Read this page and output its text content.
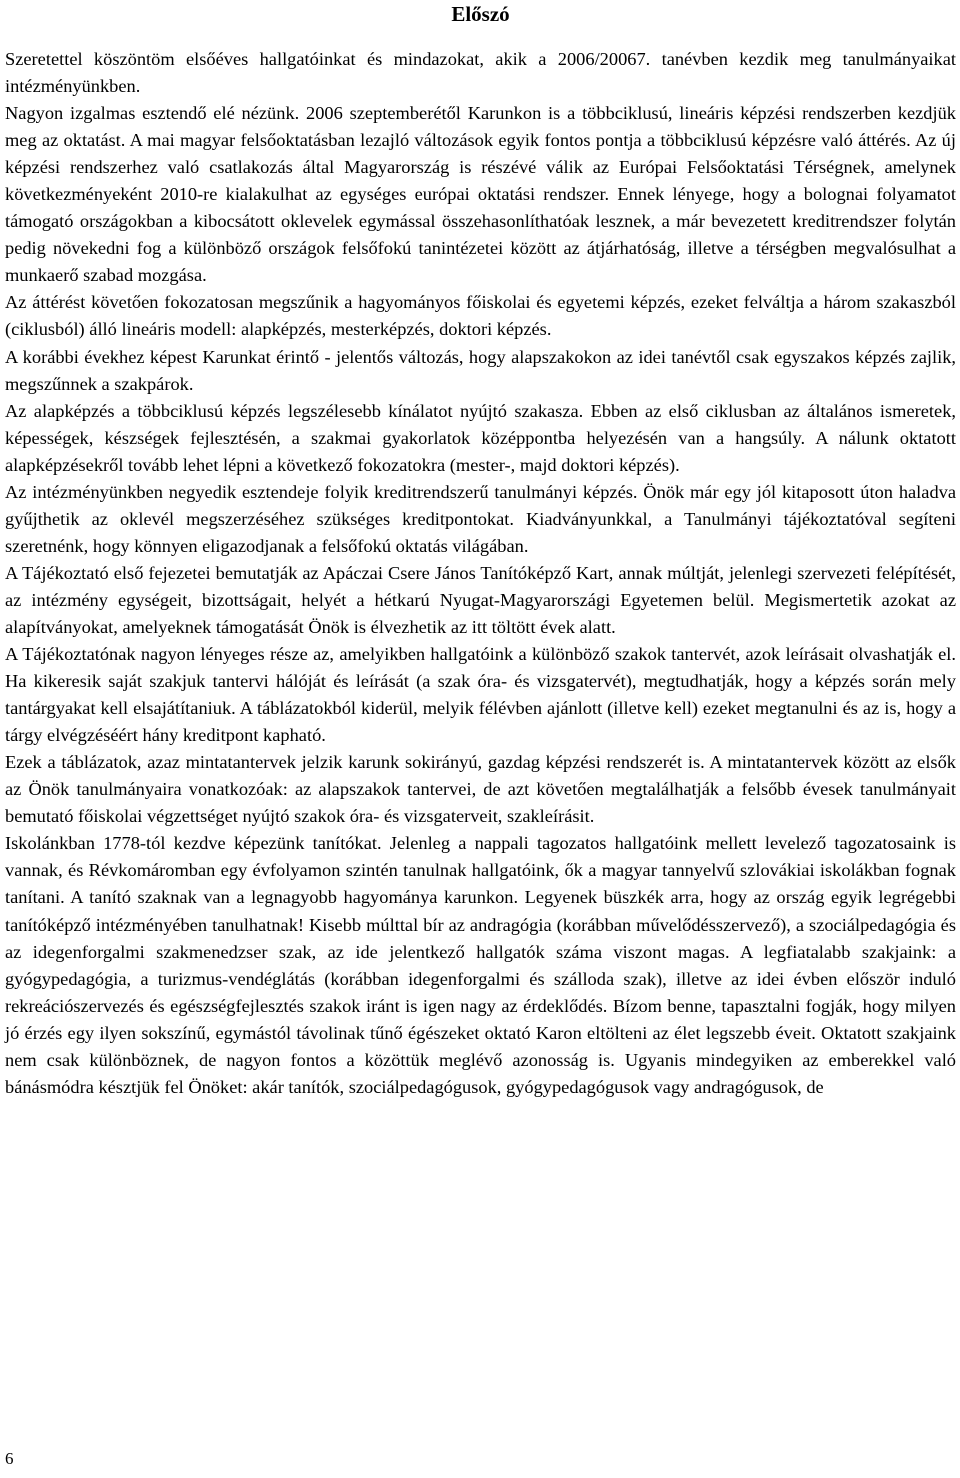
Előszó

Szeretettel köszöntöm elsőéves hallgatóinkat és mindazokat, akik a 2006/20067. tanévben kezdik meg tanulmányaikat intézményünkben.

Nagyon izgalmas esztendő elé nézünk. 2006 szeptemberétől Karunkon is a többciklusú, lineáris képzési rendszerben kezdjük meg az oktatást. A mai magyar felsőoktatásban lezajló változások egyik fontos pontja a többciklusú képzésre való áttérés. Az új képzési rendszerhez való csatlakozás által Magyarország is részévé válik az Európai Felsőoktatási Térségnek, amelynek következményeként 2010-re kialakulhat az egységes európai oktatási rendszer. Ennek lényege, hogy a bolognai folyamatot támogató országokban a kibocsátott oklevelek egymással összehasonlíthatóak lesznek, a már bevezetett kreditrendszer folytán pedig növekedni fog a különböző országok felsőfokú tanintézetei között az átjárhatóság, illetve a térségben megvalósulhat a munkaerő szabad mozgása.

Az áttérést követően fokozatosan megszűnik a hagyományos főiskolai és egyetemi képzés, ezeket felváltja a három szakaszból (ciklusból) álló lineáris modell: alapképzés, mesterképzés, doktori képzés.

A korábbi évekhez képest Karunkat érintő - jelentős változás, hogy alapszakokon az idei tanévtől csak egyszakos képzés zajlik, megszűnnek a szakpárok.

Az alapképzés a többciklusú képzés legszélesebb kínálatot nyújtó szakasza. Ebben az első ciklusban az általános ismeretek, képességek, készségek fejlesztésén, a szakmai gyakorlatok középpontba helyezésén van a hangsúly. A nálunk oktatott alapképzésekről tovább lehet lépni a következő fokozatokra (mester-, majd doktori képzés).

Az intézményünkben negyedik esztendeje folyik kreditrendszerű tanulmányi képzés. Önök már egy jól kitaposott úton haladva gyűjthetik az oklevél megszerzéséhez szükséges kreditpontokat. Kiadványunkkal, a Tanulmányi tájékoztatóval segíteni szeretnénk, hogy könnyen eligazodjanak a felsőfokú oktatás világában.

A Tájékoztató első fejezetei bemutatják az Apáczai Csere János Tanítóképző Kart, annak múltját, jelenlegi szervezeti felépítését, az intézmény egységeit, bizottságait, helyét a hétkarú Nyugat-Magyarországi Egyetemen belül. Megismertetik azokat az alapítványokat, amelyeknek támogatását Önök is élvezhetik az itt töltött évek alatt.

A Tájékoztatónak nagyon lényeges része az, amelyikben hallgatóink a különböző szakok tantervét, azok leírásait olvashatják el. Ha kikeresik saját szakjuk tantervi hálóját és leírását (a szak óra- és vizsgatervét), megtudhatják, hogy a képzés során mely tantárgyakat kell elsajátítaniuk. A táblázatokból kiderül, melyik félévben ajánlott (illetve kell) ezeket megtanulni és az is, hogy a tárgy elvégzéséért hány kreditpont kapható.

Ezek a táblázatok, azaz mintatantervek jelzik karunk sokirányú, gazdag képzési rendszerét is. A mintatantervek között az elsők az Önök tanulmányaira vonatkozóak: az alapszakok tantervei, de azt követően megtalálhatják a felsőbb évesek tanulmányait bemutató főiskolai végzettséget nyújtó szakok óra- és vizsgaterveit, szakleírásit.

Iskolánkban 1778-tól kezdve képezünk tanítókat. Jelenleg a nappali tagozatos hallgatóink mellett levelező tagozatosaink is vannak, és Révkomáromban egy évfolyamon szintén tanulnak hallgatóink, ők a magyar tannyelvű szlovákiai iskolákban fognak tanítani. A tanító szaknak van a legnagyobb hagyománya karunkon. Legyenek büszkék arra, hogy az ország egyik legrégebbi tanítóképző intézményében tanulhatnak! Kisebb múlttal bír az andragógia (korábban művelődésszervező), a szociálpedagógia és az idegenforgalmi szakmenedzser szak, az ide jelentkező hallgatók száma viszont magas. A legfiatalabb szakjaink: a gyógypedagógia, a turizmus-vendéglátás (korábban idegenforgalmi és szálloda szak), illetve az idei évben először induló rekreációszervezés és egészségfejlesztés szakok iránt is igen nagy az érdeklődés. Bízom benne, tapasztalni fogják, hogy milyen jó érzés egy ilyen sokszínű, egymástól távolinak tűnő égészeket oktató Karon eltölteni az élet legszebb éveit. Oktatott szakjaink nem csak különböznek, de nagyon fontos a közöttük meglévő azonosság is. Ugyanis mindegyiken az emberekkel való bánásmódra késztjük fel Önöket: akár tanítók, szociálpedagógusok, gyógypedagógusok vagy andragógusok, de

6
